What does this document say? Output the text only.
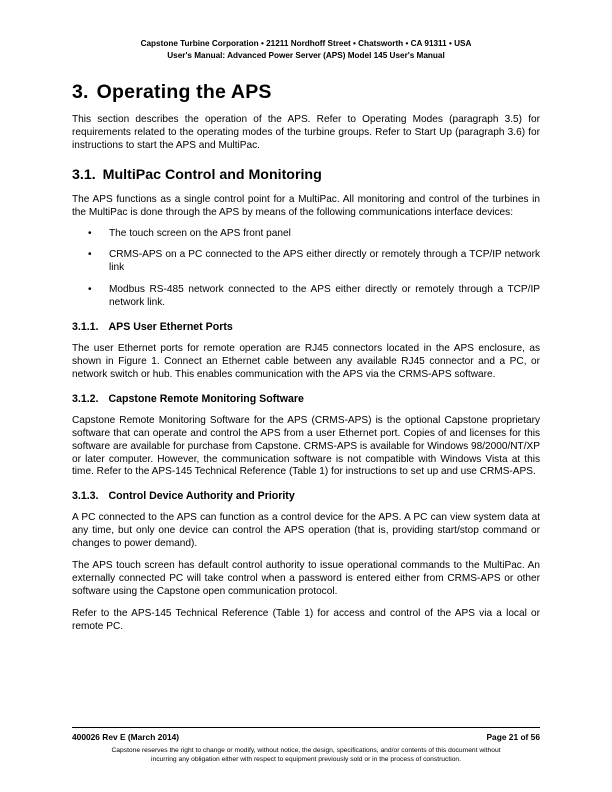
Capstone Turbine Corporation • 21211 Nordhoff Street • Chatsworth • CA 91311 • USA
User's Manual: Advanced Power Server (APS) Model 145 User's Manual
3. Operating the APS

This section describes the operation of the APS. Refer to Operating Modes (paragraph 3.5) for requirements related to the operating modes of the turbine groups. Refer to Start Up (paragraph 3.6) for instructions to start the APS and MultiPac.

3.1. MultiPac Control and Monitoring

The APS functions as a single control point for a MultiPac. All monitoring and control of the turbines in the MultiPac is done through the APS by means of the following communications interface devices:

• The touch screen on the APS front panel
• CRMS-APS on a PC connected to the APS either directly or remotely through a TCP/IP network link
• Modbus RS-485 network connected to the APS either directly or remotely through a TCP/IP network link.
3.1.1. APS User Ethernet Ports

The user Ethernet ports for remote operation are RJ45 connectors located in the APS enclosure, as shown in Figure 1. Connect an Ethernet cable between any available RJ45 connector and a PC, or network switch or hub. This enables communication with the APS via the CRMS-APS software.

3.1.2. Capstone Remote Monitoring Software

Capstone Remote Monitoring Software for the APS (CRMS-APS) is the optional Capstone proprietary software that can operate and control the APS from a user Ethernet port. Copies of and licenses for this software are available for purchase from Capstone. CRMS-APS is available for Windows 98/2000/NT/XP or later computer. However, the communication software is not compatible with Windows Vista at this time. Refer to the APS-145 Technical Reference (Table 1) for instructions to set up and use CRMS-APS.

3.1.3. Control Device Authority and Priority

A PC connected to the APS can function as a control device for the APS. A PC can view system data at any time, but only one device can control the APS operation (that is, providing start/stop command or changes to power demand).

The APS touch screen has default control authority to issue operational commands to the MultiPac. An externally connected PC will take control when a password is entered either from CRMS-APS or other software using the Capstone open communication protocol.

Refer to the APS-145 Technical Reference (Table 1) for access and control of the APS via a local or remote PC.

400026 Rev E (March 2014)	Page 21 of 56
Capstone reserves the right to change or modify, without notice, the design, specifications, and/or contents of this document without
incurring any obligation either with respect to equipment previously sold or in the process of construction.
